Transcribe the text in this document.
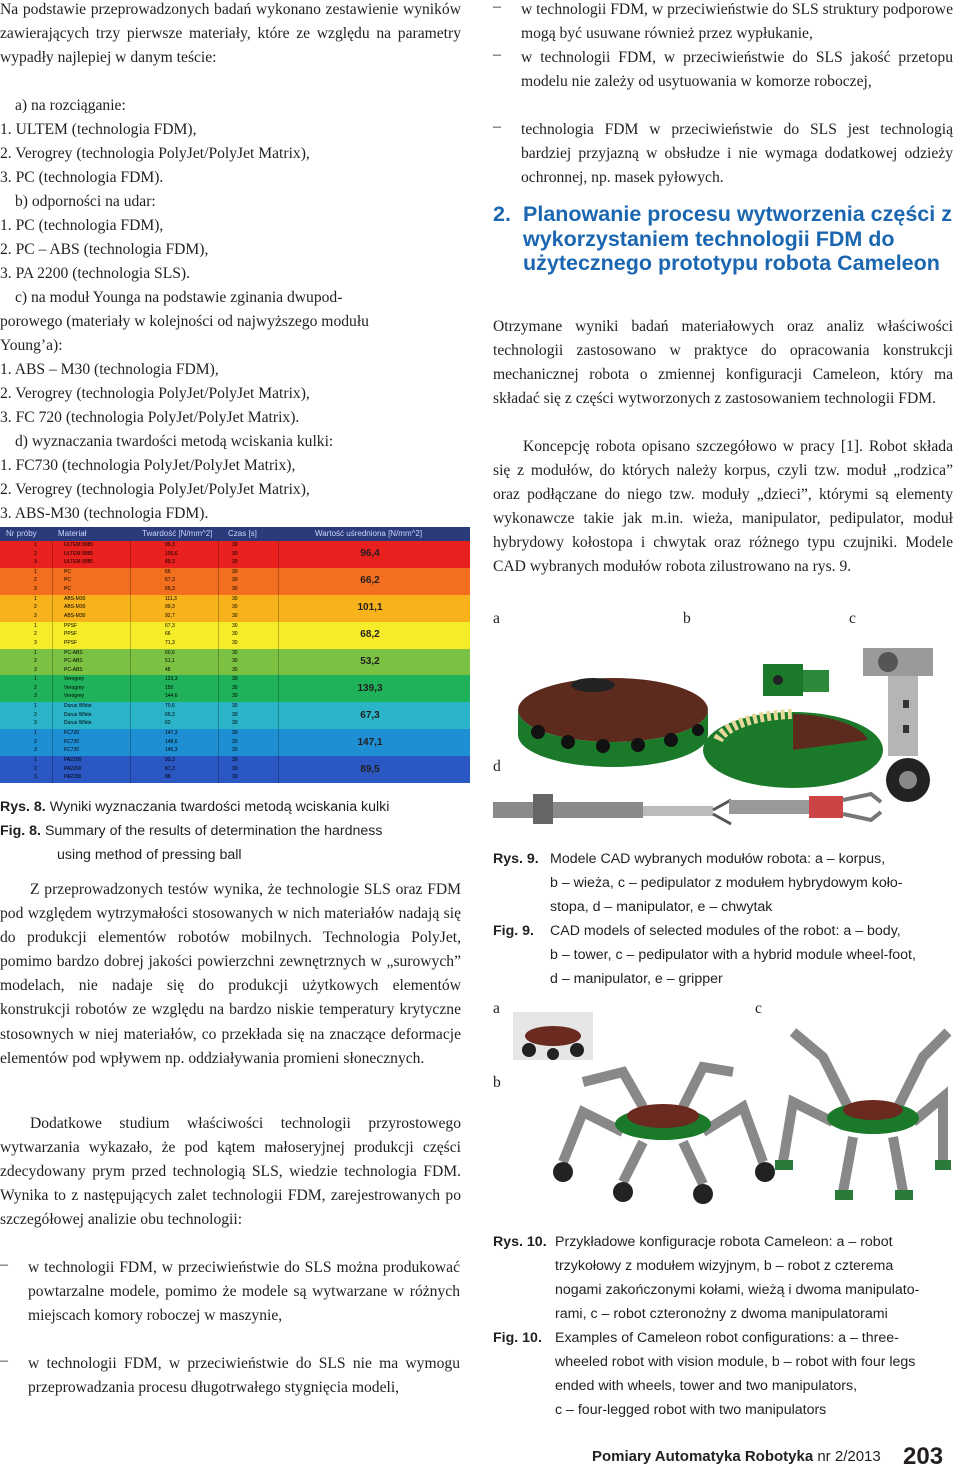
Na podstawie przeprowadzonych badań wykonano zestawienie wyników zawierających trzy pierwsze materiały, które ze względu na parametry wypadły najlepiej w danym teście:

a) na rozciąganie:
1. ULTEM (technologia FDM),
2. Verogrey (technologia PolyJet/PolyJet Matrix),
3. PC (technologia FDM).
b) odporności na udar:
1. PC (technologia FDM),
2. PC – ABS (technologia FDM),
3. PA 2200 (technologia SLS).
c) na moduł Younga na podstawie zginania dwupod-
porowego (materiały w kolejności od najwyższego modułu
Young’a):
1. ABS – M30 (technologia FDM),
2. Verogrey (technologia PolyJet/PolyJet Matrix),
3. FC 720 (technologia PolyJet/PolyJet Matrix).
d) wyznaczania twardości metodą wciskania kulki:
1. FC730 (technologia PolyJet/PolyJet Matrix),
2. Verogrey (technologia PolyJet/PolyJet Matrix),
3. ABS-M30 (technologia FDM).
Nr próby	Materiał	Twardość [N/mm^2] Czas [s]	Wartość uśrednionа [N/mm^2]
1	ULTEM 9085	99,3	30
2	ULTEM 9085	100,6	30
3	ULTEM 9085	89,3	30
96,4
1	PC	66	30
2	PC	67,3	30
3	PC	65,3	30
66,2
1	ABS-M30	111,3	30
2	ABS-M30	99,3	30
3	ABS-M30	92,7	30
101,1
1	PPSF	67,3	30
2	PPSF	66	30
3	PPSF	71,3	30
68,2
1	PC-ABS	60,6	30
2	PC-ABS	51,1	30
3	PC-ABS	48	30
53,2
1	Verogrey	123,3	30
2	Verogrey	150	30
3	Verogrey	144,6	30
139,3
1	Durus White	70,6	30
2	Durus White	69,3	30
3	Durus White	62	30
67,3
1	FC720	147,3	30
2	FC720	148,6	30
3	FC720	145,3	30
147,1
1	PA2200	93,3	30
2	PA2200	87,3	30
3	PA2200	88	30
89,5
Rys. 8. Wyniki wyznaczania twardości metodą wciskania kulki
Fig. 8. Summary of the results of determination the hardness
using method of pressing ball

Z przeprowadzonych testów wynika, że technologie SLS oraz FDM pod względem wytrzymałości stosowanych w nich materiałów nadają się do produkcji elementów robotów mobilnych. Technologia PolyJet, pomimo bardzo dobrej jakości powierzchni zewnętrznych w „surowych” modelach, nie nadaje się do produkcji użytkowych elementów konstrukcji robotów ze względu na bardzo niskie temperatury krytyczne stosownych w niej materiałów, co przekłada się na znaczące deformacje elementów pod wpływem np. oddziaływania promieni słonecznych.

Dodatkowe studium właściwości technologii przyrostowego wytwarzania wykazało, że pod kątem małoseryjnej produkcji części zdecydowany prym przed technologią SLS, wiedzie technologia FDM. Wynika to z następujących zalet technologii FDM, zarejestrowanych po szczegółowej analizie obu technologii:

– w technologii FDM, w przeciwieństwie do SLS można produkować powtarzalne modele, pomimo że modele są wytwarzane w różnych miejscach komory roboczej w maszynie,
– w technologii FDM, w przeciwieństwie do SLS nie ma wymogu przeprowadzania procesu długotrwałego stygnięcia modeli,
– w technologii FDM, w przeciwieństwie do SLS struktury podporowe mogą być usuwane również przez wypłukanie,
– w technologii FDM, w przeciwieństwie do SLS jakość przetopu modelu nie zależy od usytuowania w komorze roboczej,
– technologia FDM w przeciwieństwie do SLS jest technologią bardziej przyjazną w obsłudze i nie wymaga dodatkowej odzieży ochronnej, np. masek pyłowych.
2. Planowanie procesu wytworzenia części z wykorzystaniem technologii FDM do użytecznego prototypu robota Cameleon

Otrzymane wyniki badań materiałowych oraz analiz właściwości technologii zastosowano w praktyce do opracowania konstrukcji mechanicznej robota o zmiennej konfiguracji Cameleon, który ma składać się z części wytworzonych z zastosowaniem technologii FDM.

Koncepcję robota opisano szczegółowo w pracy [1]. Robot składa się z modułów, do których należy korpus, czyli tzw. moduł „rodzica” oraz podłączane do niego tzw. moduły „dzieci”, którymi są elementy wykonawcze takie jak m.in. wieża, manipulator, pedipulator, moduł hybrydowy kołostopa i chwytak oraz różnego typu czujniki. Modele CAD wybranych modułów robota zilustrowano na rys. 9.

a	b	c
d
Rys. 9. Modele CAD wybranych modułów robota: a – korpus,
b – wieża, c – pedipulator z modułem hybrydowym koło-
stopa, d – manipulator, e – chwytak
Fig. 9. CAD models of selected modules of the robot: a – body,
b – tower, c – pedipulator with a hybrid module wheel-foot,
d – manipulator, e – gripper
a	c
b
Rys. 10. Przykładowe konfiguracje robota Cameleon: a – robot
trzykołowy z modułem wizyjnym, b – robot z czterema
nogami zakończonymi kołami, wieżą i dwoma manipulato-
rami, c – robot czteronożny z dwoma manipulatorami
Fig. 10. Examples of Cameleon robot configurations: a – three-
wheeled robot with vision module, b – robot with four legs
ended with wheels, tower and two manipulators,
c – four-legged robot with two manipulators
Pomiary Automatyka Robotyka nr 2/2013 203
